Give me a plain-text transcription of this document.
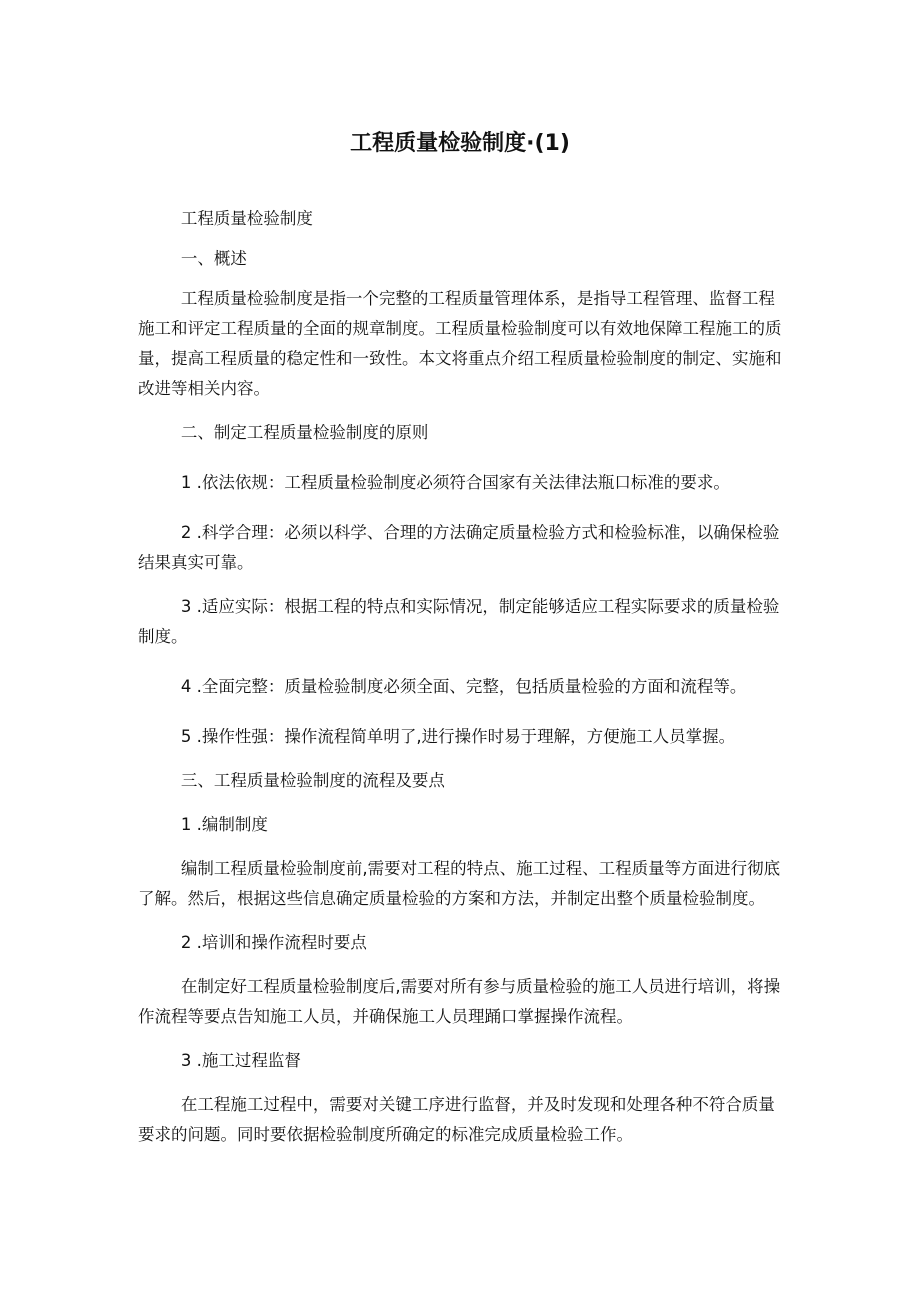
工程质量检验制度·(1)

工程质量检验制度

一、概述

工程质量检验制度是指一个完整的工程质量管理体系，是指导工程管理、监督工程施工和评定工程质量的全面的规章制度。工程质量检验制度可以有效地保障工程施工的质量，提高工程质量的稳定性和一致性。本文将重点介绍工程质量检验制度的制定、实施和改进等相关内容。

二、制定工程质量检验制度的原则

1 .依法依规：工程质量检验制度必须符合国家有关法律法瓶口标准的要求。

2 .科学合理：必须以科学、合理的方法确定质量检验方式和检验标准，以确保检验结果真实可靠。

3 .适应实际：根据工程的特点和实际情况，制定能够适应工程实际要求的质量检验制度。

4 .全面完整：质量检验制度必须全面、完整，包括质量检验的方面和流程等。

5 .操作性强：操作流程简单明了,进行操作时易于理解，方便施工人员掌握。

三、工程质量检验制度的流程及要点

1 .编制制度

编制工程质量检验制度前,需要对工程的特点、施工过程、工程质量等方面进行彻底了解。然后，根据这些信息确定质量检验的方案和方法，并制定出整个质量检验制度。

2 .培训和操作流程时要点

在制定好工程质量检验制度后,需要对所有参与质量检验的施工人员进行培训，将操作流程等要点告知施工人员，并确保施工人员理踊口掌握操作流程。

3 .施工过程监督

在工程施工过程中，需要对关键工序进行监督，并及时发现和处理各种不符合质量要求的问题。同时要依据检验制度所确定的标准完成质量检验工作。
